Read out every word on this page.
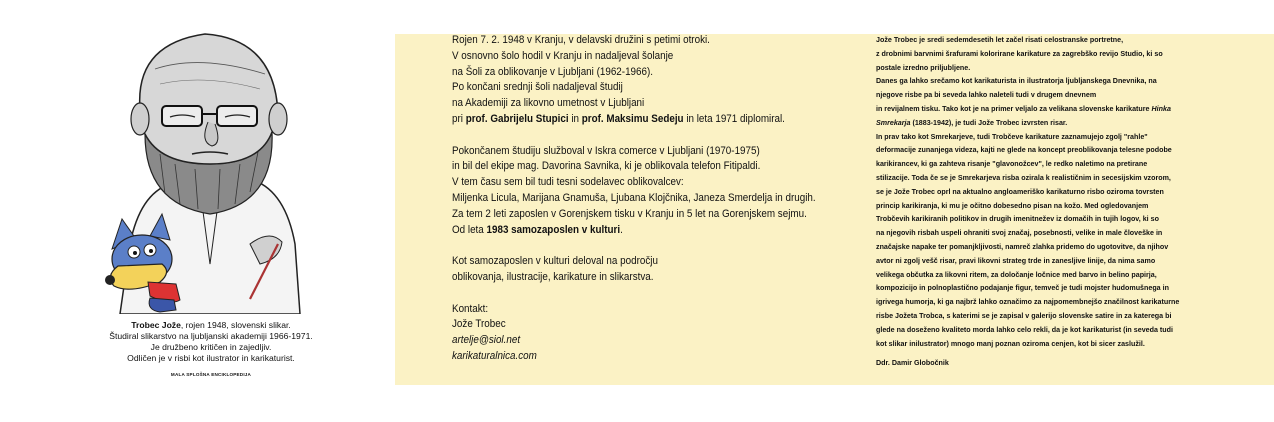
Trobec Jože, rojen 1948, slovenski slikar.
Študiral slikarstvo na ljubljanski akademiji 1966-1971.
Je družbeno kritičen in zajedljiv.
Odličen je v risbi kot ilustrator in karikaturist.
MALA SPLOŠNA ENCIKLOPEDIJA
Rojen 7. 2. 1948 v Kranju, v delavski družini s petimi otroki.
V osnovno šolo hodil v Kranju in nadaljeval šolanje
na Šoli za oblikovanje v Ljubljani (1962-1966).
Po končani srednji šoli nadaljeval študij
na Akademiji za likovno umetnost v Ljubljani
pri prof. Gabrijelu Stupici in prof. Maksimu Sedeju in leta 1971 diplomiral.
Pokončanem študiju služboval v Iskra comerce v Ljubljani (1970-1975)
in bil del ekipe mag. Davorina Savnika, ki je oblikovala telefon Fitipaldi.
V tem času sem bil tudi tesni sodelavec oblikovalcev:
Miljenka Licula, Marijana Gnamuša, Ljubana Klojčnika, Janeza Smerdelja in drugih.
Za tem 2 leti zaposlen v Gorenjskem tisku v Kranju in 5 let na Gorenjskem sejmu.
Od leta 1983 samozaposlen v kulturi.
Kot samozaposlen v kulturi deloval na področju
oblikovanja, ilustracije, karikature in slikarstva.
Kontakt:
Jože Trobec
artelje@siol.net
karikaturalnica.com
Jože Trobec je sredi sedemdesetih let začel risati celostranske portretne,
z drobnimi barvnimi šrafurami kolorirane karikature za zagrebško revijo Studio, ki so
postale izredno priljubljene.
Danes ga lahko srečamo kot karikaturista in ilustratorja ljubljanskega Dnevnika, na
njegove risbe pa bi seveda lahko naleteli tudi v drugem dnevnem
in revijalnem tisku. Tako kot je na primer veljalo za velikana slovenske karikature Hinka
Smrekarja (1883-1942), je tudi Jože Trobec izvrsten risar.
In prav tako kot Smrekarjeve, tudi Trobčeve karikature zaznamujejo zgolj "rahle"
deformacije zunanjega videza, kajti ne glede na koncept preoblikovanja telesne podobe
karikirancev, ki ga zahteva risanje "glavonožcev", le redko naletimo na pretirane
stilizacije. Toda če se je Smrekarjeva risba ozirala k realističnim in secesijskim vzorom,
se je Jože Trobec oprl na aktualno angloameriško karikaturno risbo oziroma tovrsten
princip karikiranja, ki mu je očitno dobesedno pisan na kožo. Med ogledovanjem
Trobčevih karikiranih politikov in drugih imenitnežev iz domačih in tujih logov, ki so
na njegovih risbah uspeli ohraniti svoj značaj, posebnosti, velike in male človeške in
značajske napake ter pomanjkljivosti, namreč zlahka pridemo do ugotovitve, da njihov
avtor ni zgolj vešč risar, pravi likovni strateg trde in zanesljive linije, da nima samo
velikega občutka za likovni ritem, za določanje ločnice med barvo in belino papirja,
kompozicijo in polnoplastično podajanje figur, temveč je tudi mojster hudomušnega in
igrivega humorja, ki ga najbrž lahko označimo za najpomembnejšo značilnost karikaturne
risbe Jožeta Trobca, s katerimi se je zapisal v galerijo slovenske satire in za katerega bi
glede na doseženo kvaliteto morda lahko celo rekli, da je kot karikaturist (in seveda tudi
kot slikar inilustrator) mnogo manj poznan oziroma cenjen, kot bi sicer zaslužil.
Ddr. Damir Globočnik
